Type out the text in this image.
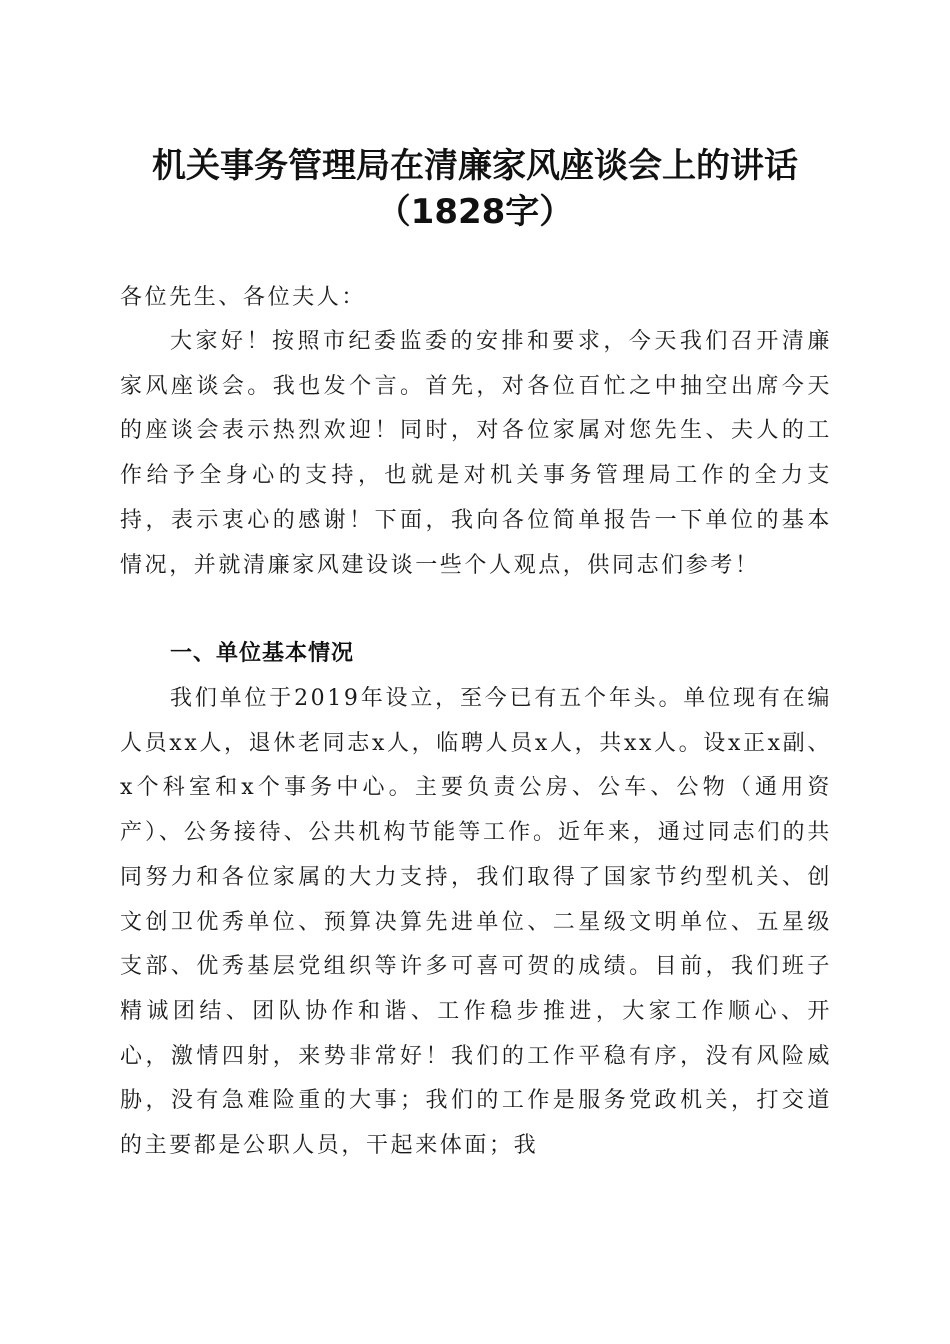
机关事务管理局在清廉家风座谈会上的讲话
（1828字）

各位先生、各位夫人：

大家好！按照市纪委监委的安排和要求，今天我们召开清廉家风座谈会。我也发个言。首先，对各位百忙之中抽空出席今天的座谈会表示热烈欢迎！同时，对各位家属对您先生、夫人的工作给予全身心的支持，也就是对机关事务管理局工作的全力支持，表示衷心的感谢！下面，我向各位简单报告一下单位的基本情况，并就清廉家风建设谈一些个人观点，供同志们参考！

一、单位基本情况

我们单位于2019年设立，至今已有五个年头。单位现有在编人员xx人，退休老同志x人，临聘人员x人，共xx人。设x正x副、x个科室和x个事务中心。主要负责公房、公车、公物（通用资产）、公务接待、公共机构节能等工作。近年来，通过同志们的共同努力和各位家属的大力支持，我们取得了国家节约型机关、创文创卫优秀单位、预算决算先进单位、二星级文明单位、五星级支部、优秀基层党组织等许多可喜可贺的成绩。目前，我们班子精诚团结、团队协作和谐、工作稳步推进，大家工作顺心、开心，激情四射，来势非常好！我们的工作平稳有序，没有风险威胁，没有急难险重的大事；我们的工作是服务党政机关，打交道的主要都是公职人员，干起来体面；我
